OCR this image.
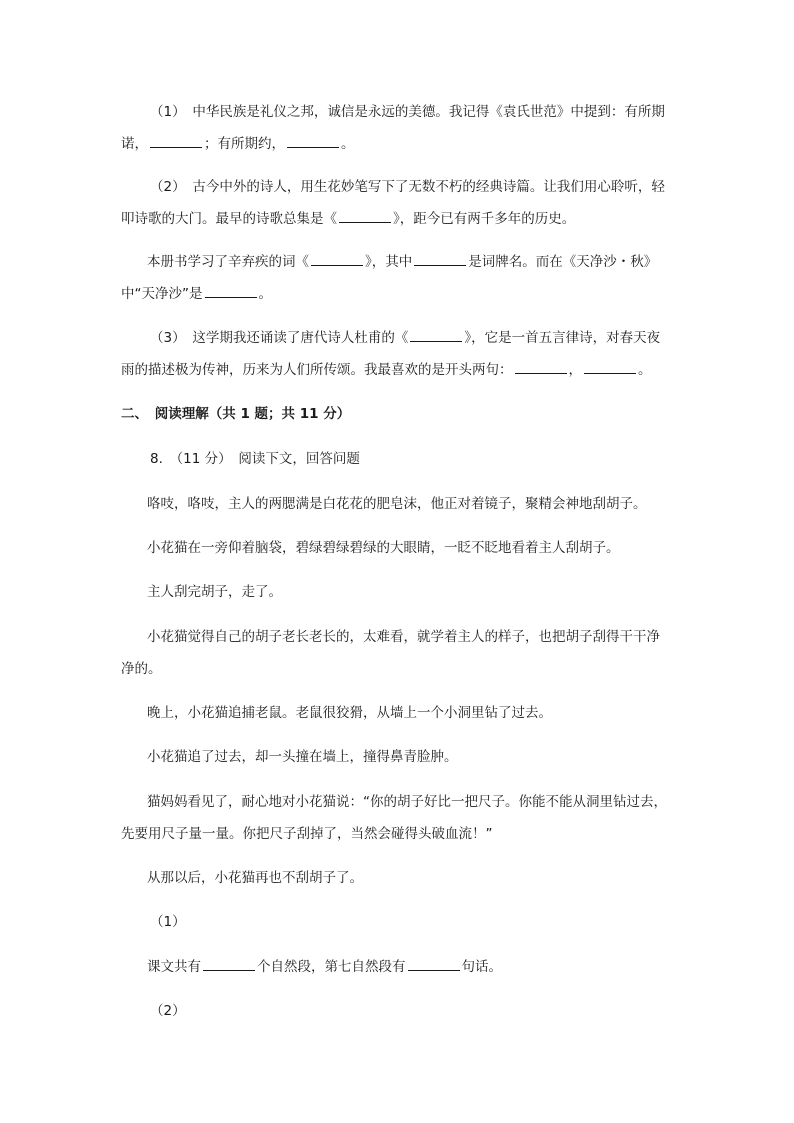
（1）　中华民族是礼仪之邦，诚信是永远的美德。我记得《袁氏世范》中提到：有所期
诺，	；有所期约，	。
（2）　古今中外的诗人，用生花妙笔写下了无数不朽的经典诗篇。让我们用心聆听，轻
叩诗歌的大门。最早的诗歌总集是《	》，距今已有两千多年的历史。
本册书学习了辛弃疾的词《	》，其中	是词牌名。而在《天净沙・秋》
中“天净沙”是	。
（3）　这学期我还诵读了唐代诗人杜甫的《	》，它是一首五言律诗，对春天夜
雨的描述极为传神，历来为人们所传颂。我最喜欢的是开头两句：	，	。
二、　阅读理解（共 1 题；共 11 分）
8.　（11 分）　阅读下文，回答问题
咯吱，咯吱，主人的两腮满是白花花的肥皂沫，他正对着镜子，聚精会神地刮胡子。
小花猫在一旁仰着脑袋，碧绿碧绿碧绿的大眼睛，一眨不眨地看着主人刮胡子。
主人刮完胡子，走了。
小花猫觉得自己的胡子老长老长的，太难看，就学着主人的样子，也把胡子刮得干干净
净的。
晚上，小花猫追捕老鼠。老鼠很狡猾，从墙上一个小洞里钻了过去。
小花猫追了过去，却一头撞在墙上，撞得鼻青脸肿。
猫妈妈看见了，耐心地对小花猫说：“你的胡子好比一把尺子。你能不能从洞里钻过去，
先要用尺子量一量。你把尺子刮掉了，当然会碰得头破血流！”
从那以后，小花猫再也不刮胡子了。
（1）
课文共有	个自然段，第七自然段有	句话。
（2）
